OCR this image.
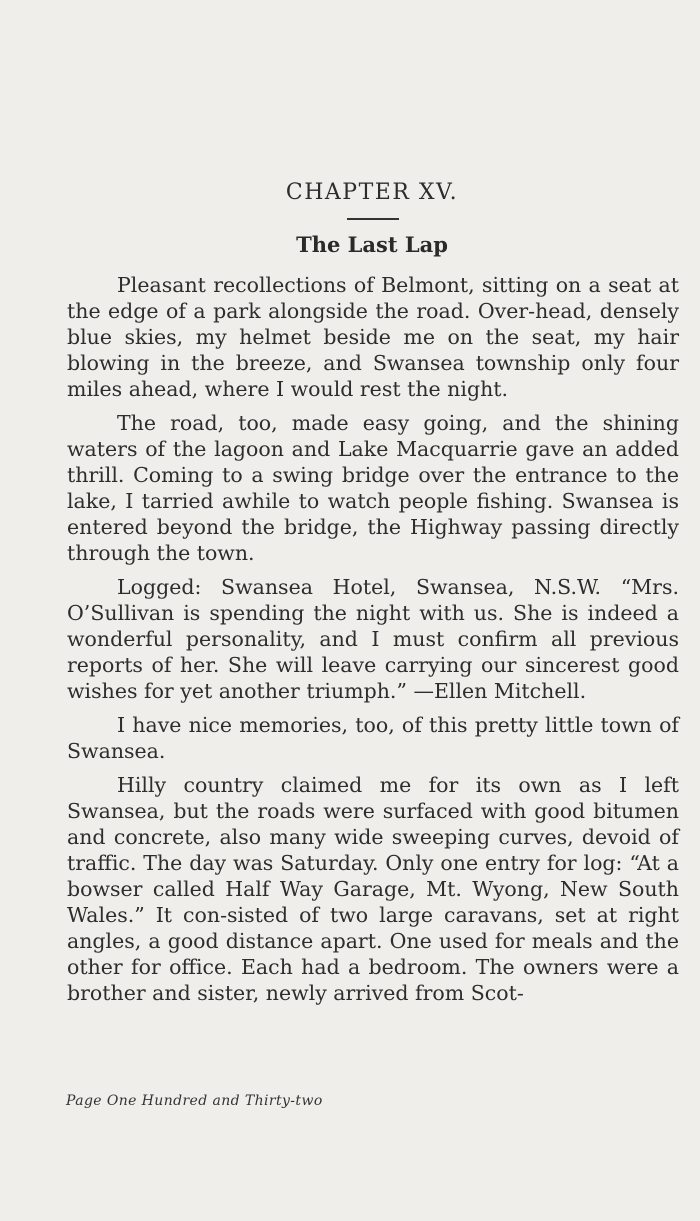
CHAPTER XV.
The Last Lap

Pleasant recollections of Belmont, sitting on a seat at the edge of a park alongside the road. Over-head, densely blue skies, my helmet beside me on the seat, my hair blowing in the breeze, and Swansea township only four miles ahead, where I would rest the night.

The road, too, made easy going, and the shining waters of the lagoon and Lake Macquarrie gave an added thrill. Coming to a swing bridge over the entrance to the lake, I tarried awhile to watch people fishing. Swansea is entered beyond the bridge, the Highway passing directly through the town.

Logged: Swansea Hotel, Swansea, N.S.W. “Mrs. O’Sullivan is spending the night with us. She is indeed a wonderful personality, and I must confirm all previous reports of her. She will leave carrying our sincerest good wishes for yet another triumph.” —Ellen Mitchell.

I have nice memories, too, of this pretty little town of Swansea.

Hilly country claimed me for its own as I left Swansea, but the roads were surfaced with good bitumen and concrete, also many wide sweeping curves, devoid of traffic. The day was Saturday. Only one entry for log: “At a bowser called Half Way Garage, Mt. Wyong, New South Wales.” It con-sisted of two large caravans, set at right angles, a good distance apart. One used for meals and the other for office. Each had a bedroom. The owners were a brother and sister, newly arrived from Scot-

Page One Hundred and Thirty-two
